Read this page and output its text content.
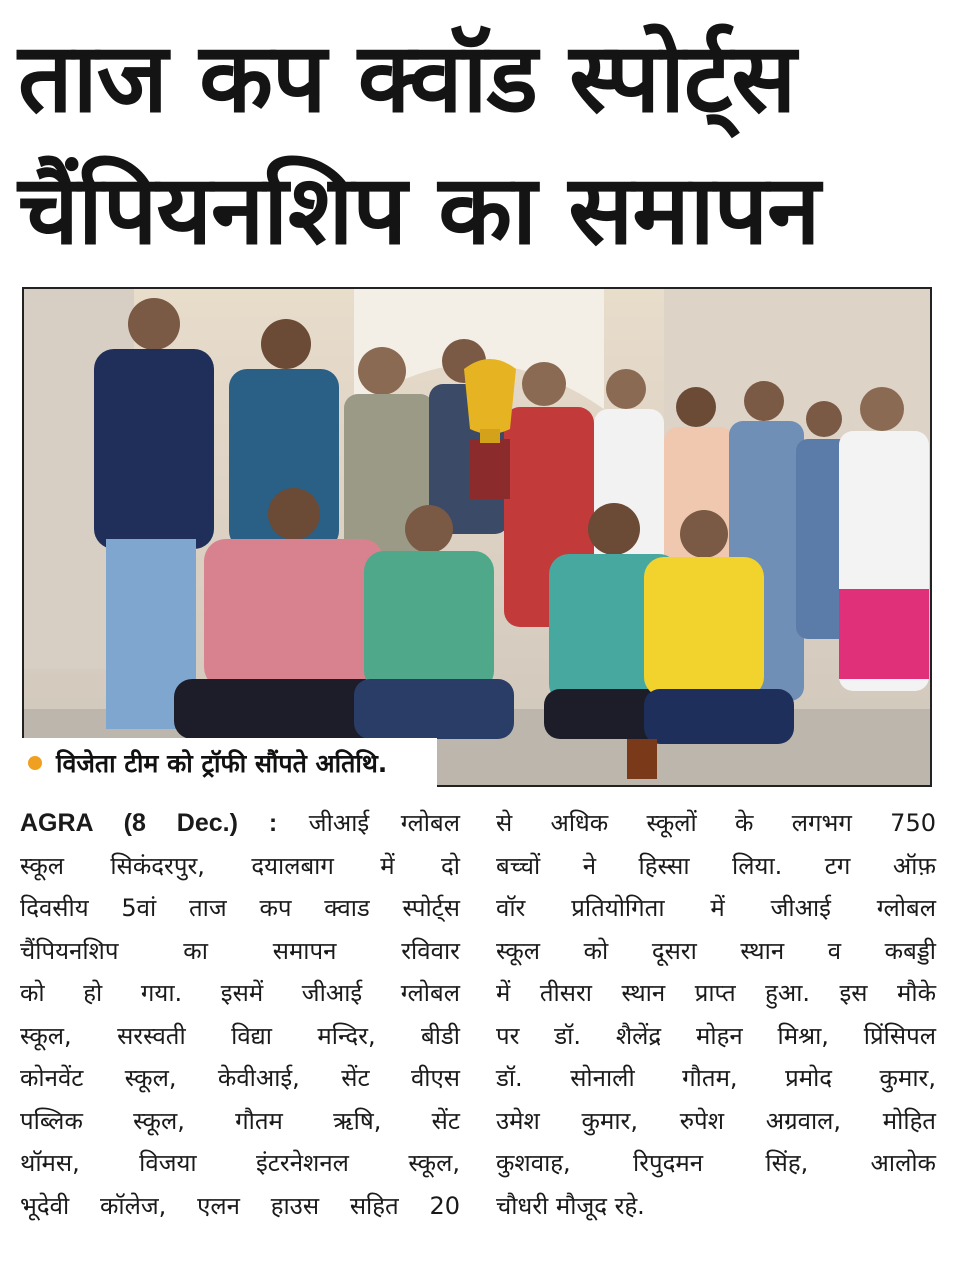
ताज कप क्वॉड स्पोर्ट्स
चैंपियनशिप का समापन
विजेता टीम को ट्रॉफी सौंपते अतिथि.
AGRA (8 Dec.) : जीआई ग्लोबल
स्कूल सिकंदरपुर, दयालबाग में दो
दिवसीय 5वां ताज कप क्वाड स्पोर्ट्स
चैंपियनशिप का समापन रविवार
को हो गया. इसमें जीआई ग्लोबल
स्कूल, सरस्वती विद्या मन्दिर, बीडी
कोनवेंट स्कूल, केवीआई, सेंट वीएस
पब्लिक स्कूल, गौतम ऋषि, सेंट
थॉमस, विजया इंटरनेशनल स्कूल,
भूदेवी कॉलेज, एलन हाउस सहित 20
से अधिक स्कूलों के लगभग 750
बच्चों ने हिस्सा लिया. टग ऑफ़
वॉर प्रतियोगिता में जीआई ग्लोबल
स्कूल को दूसरा स्थान व कबड्डी
में तीसरा स्थान प्राप्त हुआ. इस मौके
पर डॉ. शैलेंद्र मोहन मिश्रा, प्रिंसिपल
डॉ. सोनाली गौतम, प्रमोद कुमार,
उमेश कुमार, रुपेश अग्रवाल, मोहित
कुशवाह, रिपुदमन सिंह, आलोक
चौधरी मौजूद रहे.
